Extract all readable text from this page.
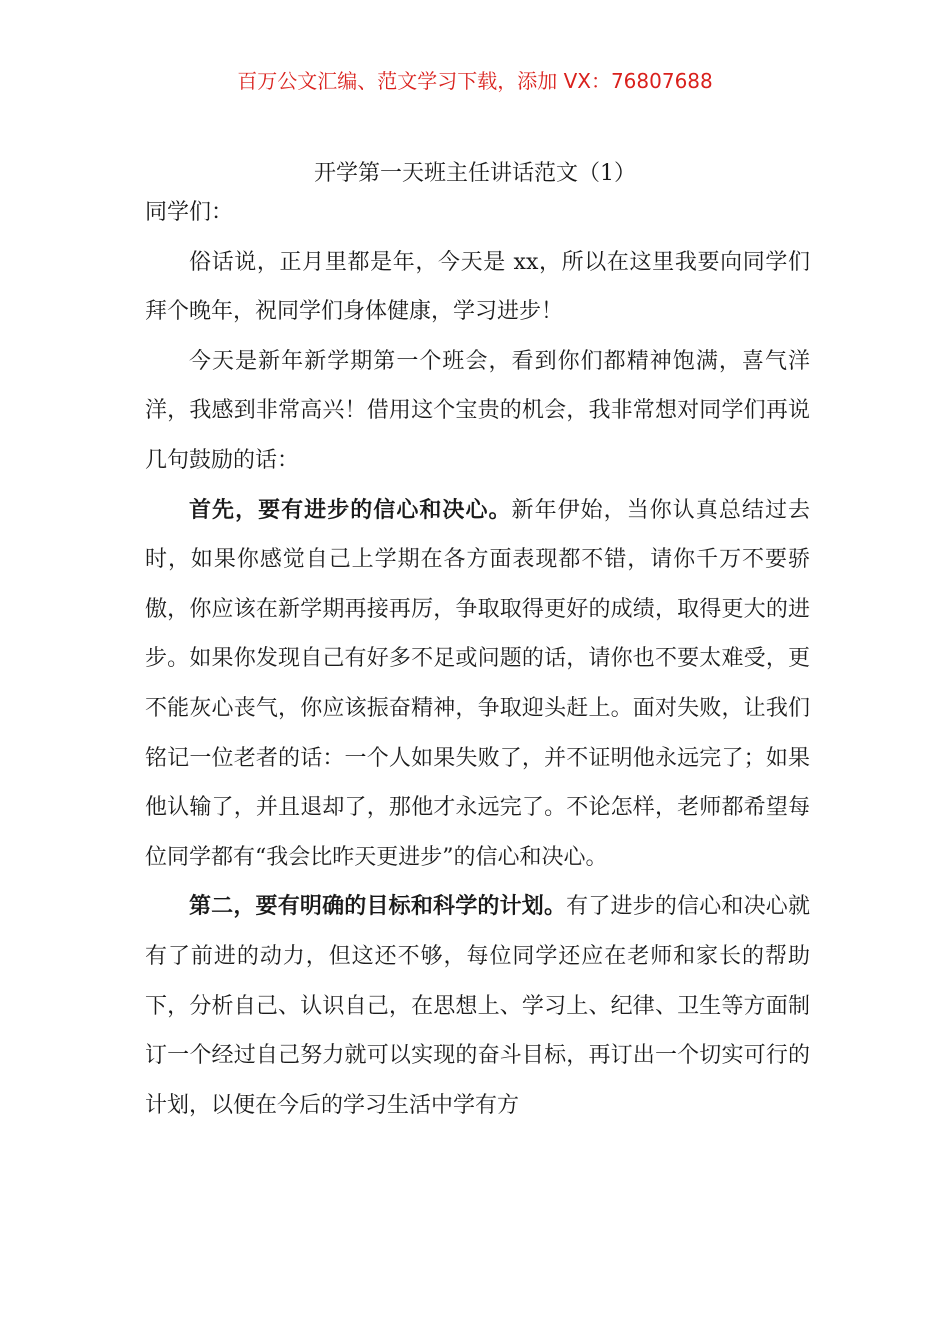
百万公文汇编、范文学习下载，添加 VX：76807688
开学第一天班主任讲话范文（1）

同学们：

俗话说，正月里都是年，今天是 xx，所以在这里我要向同学们拜个晚年，祝同学们身体健康，学习进步！

今天是新年新学期第一个班会，看到你们都精神饱满，喜气洋洋，我感到非常高兴！借用这个宝贵的机会，我非常想对同学们再说几句鼓励的话：

首先，要有进步的信心和决心。新年伊始，当你认真总结过去时，如果你感觉自己上学期在各方面表现都不错，请你千万不要骄傲，你应该在新学期再接再厉，争取取得更好的成绩，取得更大的进步。如果你发现自己有好多不足或问题的话，请你也不要太难受，更不能灰心丧气，你应该振奋精神，争取迎头赶上。面对失败，让我们铭记一位老者的话：一个人如果失败了，并不证明他永远完了；如果他认输了，并且退却了，那他才永远完了。不论怎样，老师都希望每位同学都有“我会比昨天更进步”的信心和决心。

第二，要有明确的目标和科学的计划。有了进步的信心和决心就有了前进的动力，但这还不够，每位同学还应在老师和家长的帮助下，分析自己、认识自己，在思想上、学习上、纪律、卫生等方面制订一个经过自己努力就可以实现的奋斗目标，再订出一个切实可行的计划，以便在今后的学习生活中学有方
